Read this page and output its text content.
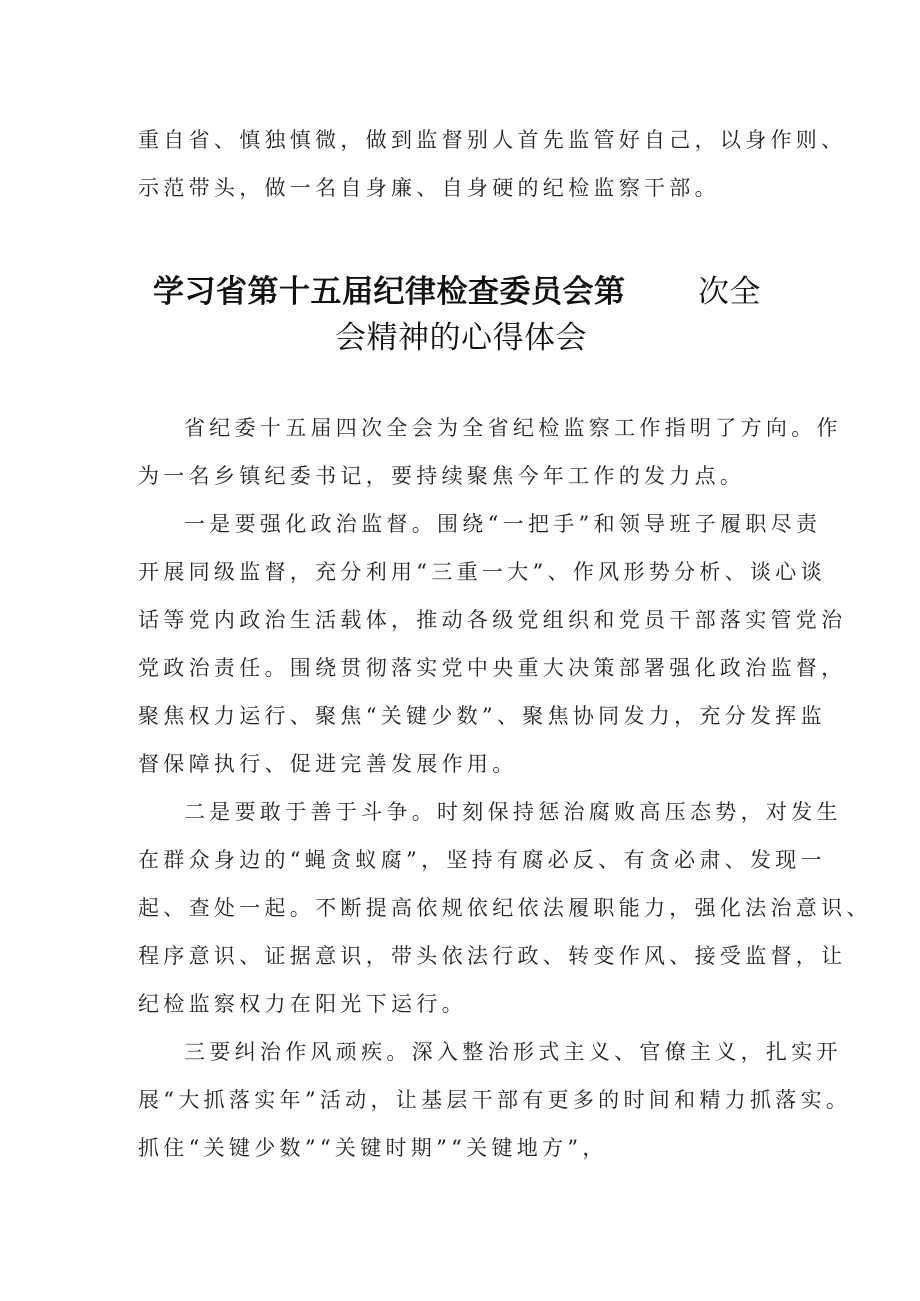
重自省、慎独慎微，做到监督别人首先监管好自己，以身作则、

示范带头，做一名自身廉、自身硬的纪检监察干部。

学习省第十五届纪律检查委员会第 次全
会精神的心得体会

省纪委十五届四次全会为全省纪检监察工作指明了方向。作

为一名乡镇纪委书记，要持续聚焦今年工作的发力点。

一是要强化政治监督。围绕“一把手”和领导班子履职尽责

开展同级监督，充分利用“三重一大”、作风形势分析、谈心谈

话等党内政治生活载体，推动各级党组织和党员干部落实管党治

党政治责任。围绕贯彻落实党中央重大决策部署强化政治监督，

聚焦权力运行、聚焦“关键少数”、聚焦协同发力，充分发挥监

督保障执行、促进完善发展作用。

二是要敢于善于斗争。时刻保持惩治腐败高压态势，对发生

在群众身边的“蝇贪蚁腐”，坚持有腐必反、有贪必肃、发现一

起、查处一起。不断提高依规依纪依法履职能力，强化法治意识、

程序意识、证据意识，带头依法行政、转变作风、接受监督，让

纪检监察权力在阳光下运行。

三要纠治作风顽疾。深入整治形式主义、官僚主义，扎实开

展“大抓落实年”活动，让基层干部有更多的时间和精力抓落实。

抓住“关键少数”“关键时期”“关键地方”，
